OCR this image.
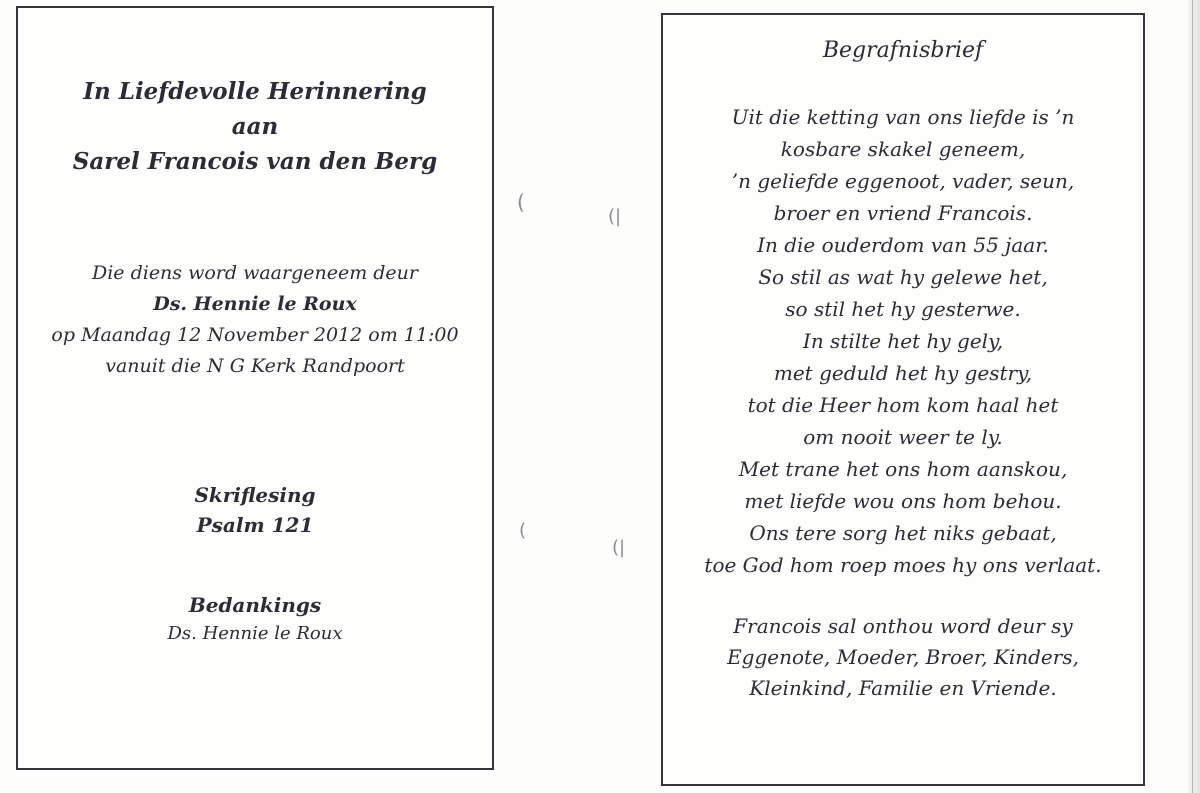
In Liefdevolle Herinnering
aan
Sarel Francois van den Berg
Die diens word waargeneem deur
Ds. Hennie le Roux
op Maandag 12 November 2012 om 11:00
vanuit die N G Kerk Randpoort
Skriflesing
Psalm 121
Bedankings
Ds. Hennie le Roux
(
(|
(
(|
Begrafnisbrief
Uit die ketting van ons liefde is ’n
kosbare skakel geneem,
’n geliefde eggenoot, vader, seun,
broer en vriend Francois.
In die ouderdom van 55 jaar.
So stil as wat hy gelewe het,
so stil het hy gesterwe.
In stilte het hy gely,
met geduld het hy gestry,
tot die Heer hom kom haal het
om nooit weer te ly.
Met trane het ons hom aanskou,
met liefde wou ons hom behou.
Ons tere sorg het niks gebaat,
toe God hom roep moes hy ons verlaat.
Francois sal onthou word deur sy
Eggenote, Moeder, Broer, Kinders,
Kleinkind, Familie en Vriende.
